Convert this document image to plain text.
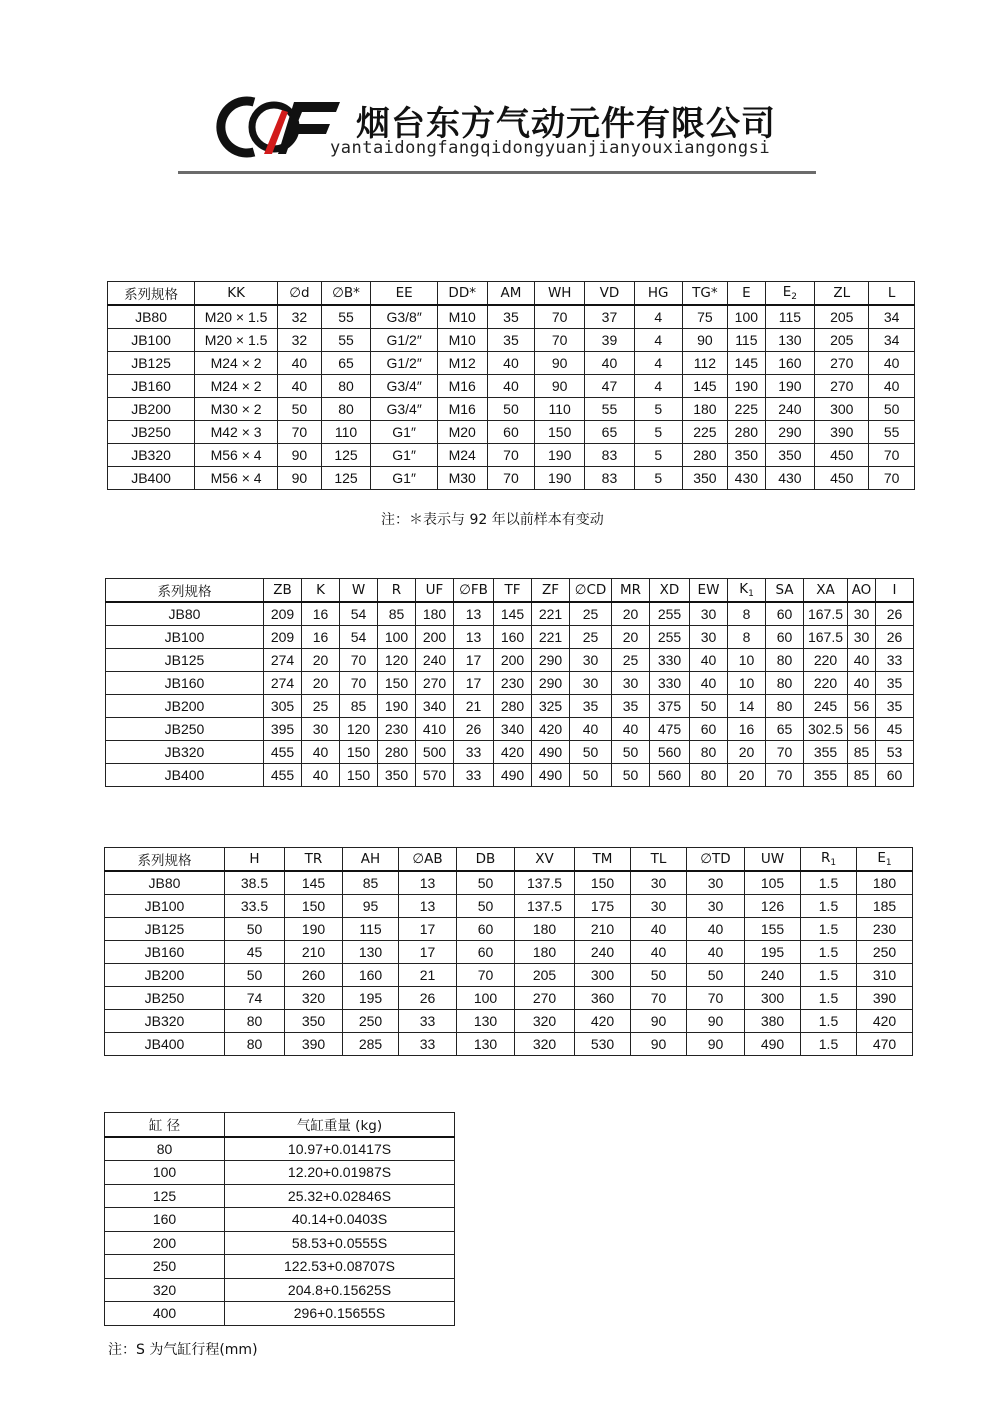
烟台东方气动元件有限公司
yantaidongfangqidongyuanjianyouxiangongsi
系列规格	KK	∅d	∅B*	EE	DD*	AM	WH	VD	HG	TG*	E	$E_2$	ZL	L
JB80	M20 × 1.5	32	55	G3/8″	M10	35	70	37	4	75	100	115	205	34
JB100	M20 × 1.5	32	55	G1/2″	M10	35	70	39	4	90	115	130	205	34
JB125	M24 × 2	40	65	G1/2″	M12	40	90	40	4	112	145	160	270	40
JB160	M24 × 2	40	80	G3/4″	M16	40	90	47	4	145	190	190	270	40
JB200	M30 × 2	50	80	G3/4″	M16	50	110	55	5	180	225	240	300	50
JB250	M42 × 3	70	110	G1″	M20	60	150	65	5	225	280	290	390	55
JB320	M56 × 4	90	125	G1″	M24	70	190	83	5	280	350	350	450	70
JB400	M56 × 4	90	125	G1″	M30	70	190	83	5	350	430	430	450	70
注：＊表示与 92 年以前样本有变动
系列规格	ZB	K	W	R	UF	∅FB	TF	ZF	∅CD	MR	XD	EW	$K_1$	SA	XA	AO	I
JB80	209	16	54	85	180	13	145	221	25	20	255	30	8	60	167.5	30	26
JB100	209	16	54	100	200	13	160	221	25	20	255	30	8	60	167.5	30	26
JB125	274	20	70	120	240	17	200	290	30	25	330	40	10	80	220	40	33
JB160	274	20	70	150	270	17	230	290	30	30	330	40	10	80	220	40	35
JB200	305	25	85	190	340	21	280	325	35	35	375	50	14	80	245	56	35
JB250	395	30	120	230	410	26	340	420	40	40	475	60	16	65	302.5	56	45
JB320	455	40	150	280	500	33	420	490	50	50	560	80	20	70	355	85	53
JB400	455	40	150	350	570	33	490	490	50	50	560	80	20	70	355	85	60
系列规格	H	TR	AH	∅AB	DB	XV	TM	TL	∅TD	UW	$R_1$	$E_1$
JB80	38.5	145	85	13	50	137.5	150	30	30	105	1.5	180
JB100	33.5	150	95	13	50	137.5	175	30	30	126	1.5	185
JB125	50	190	115	17	60	180	210	40	40	155	1.5	230
JB160	45	210	130	17	60	180	240	40	40	195	1.5	250
JB200	50	260	160	21	70	205	300	50	50	240	1.5	310
JB250	74	320	195	26	100	270	360	70	70	300	1.5	390
JB320	80	350	250	33	130	320	420	90	90	380	1.5	420
JB400	80	390	285	33	130	320	530	90	90	490	1.5	470
缸 径	气缸重量 (kg)
80	10.97+0.01417S
100	12.20+0.01987S
125	25.32+0.02846S
160	40.14+0.0403S
200	58.53+0.0555S
250	122.53+0.08707S
320	204.8+0.15625S
400	296+0.15655S
注：S 为气缸行程(mm)
